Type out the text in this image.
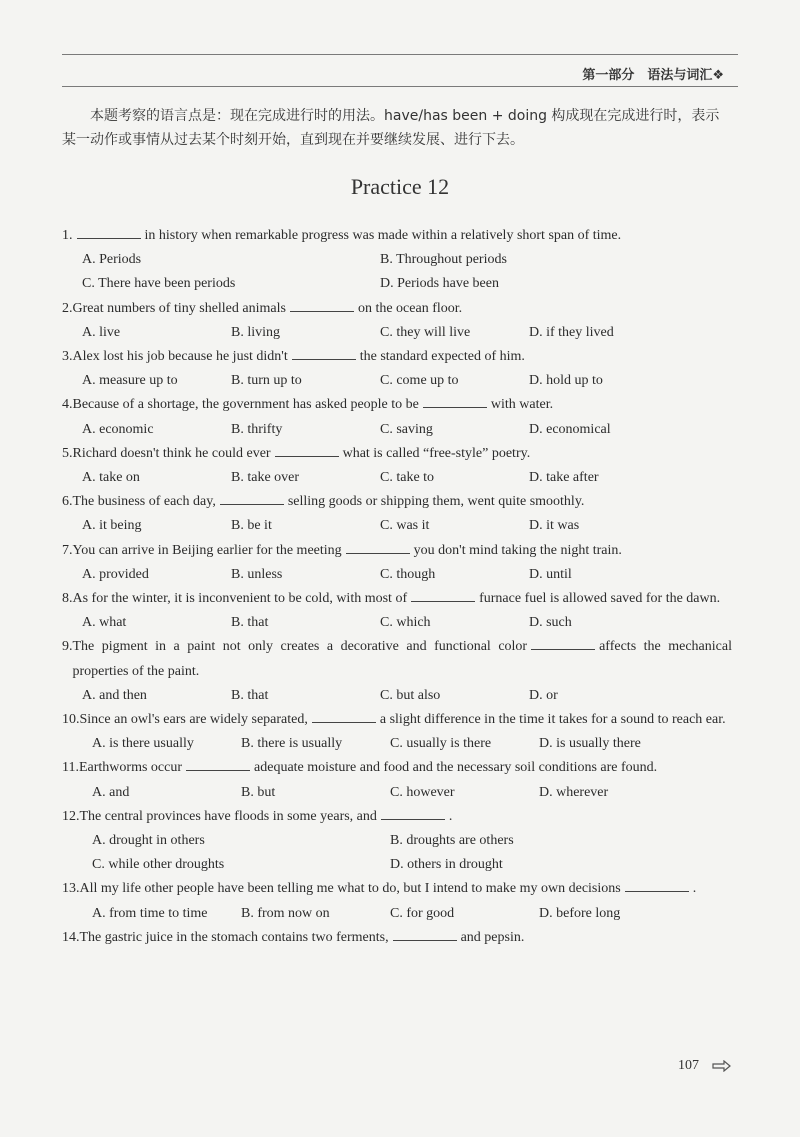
第一部分　语法与词汇❖

本题考察的语言点是：现在完成进行时的用法。have/has been + doing 构成现在完成进行时，表示某一动作或事情从过去某个时刻开始，直到现在并要继续发展、进行下去。

Practice 12
1.	in history when remarkable progress was made within a relatively short span of time.
A. Periods	B. Throughout periods
C. There have been periods	D. Periods have been
2. Great numbers of tiny shelled animals	on the ocean floor.
A. live	B. living	C. they will live	D. if they lived
3. Alex lost his job because he just didn't	the standard expected of him.
A. measure up to	B. turn up to	C. come up to	D. hold up to
4. Because of a shortage, the government has asked people to be	with water.
A. economic	B. thrifty	C. saving	D. economical
5. Richard doesn't think he could ever	what is called “free-style” poetry.
A. take on	B. take over	C. take to	D. take after
6. The business of each day,	selling goods or shipping them, went quite smoothly.
A. it being	B. be it	C. was it	D. it was
7. You can arrive in Beijing earlier for the meeting	you don't mind taking the night train.
A. provided	B. unless	C. though	D. until
8. As for the winter, it is inconvenient to be cold, with most of	furnace fuel is allowed saved for the dawn.
A. what	B. that	C. which	D. such
9. The pigment in a paint not only creates a decorative and functional color	affects the mechanical properties of the paint.
A. and then	B. that	C. but also	D. or
10. Since an owl's ears are widely separated,	a slight difference in the time it takes for a sound to reach ear.
A. is there usually	B. there is usually	C. usually is there	D. is usually there
11. Earthworms occur	adequate moisture and food and the necessary soil conditions are found.
A. and	B. but	C. however	D. wherever
12. The central provinces have floods in some years, and	.
A. drought in others	B. droughts are others
C. while other droughts	D. others in drought
13. All my life other people have been telling me what to do, but I intend to make my own decisions	.
A. from time to time	B. from now on	C. for good	D. before long
14. The gastric juice in the stomach contains two ferments,	and pepsin.
107
